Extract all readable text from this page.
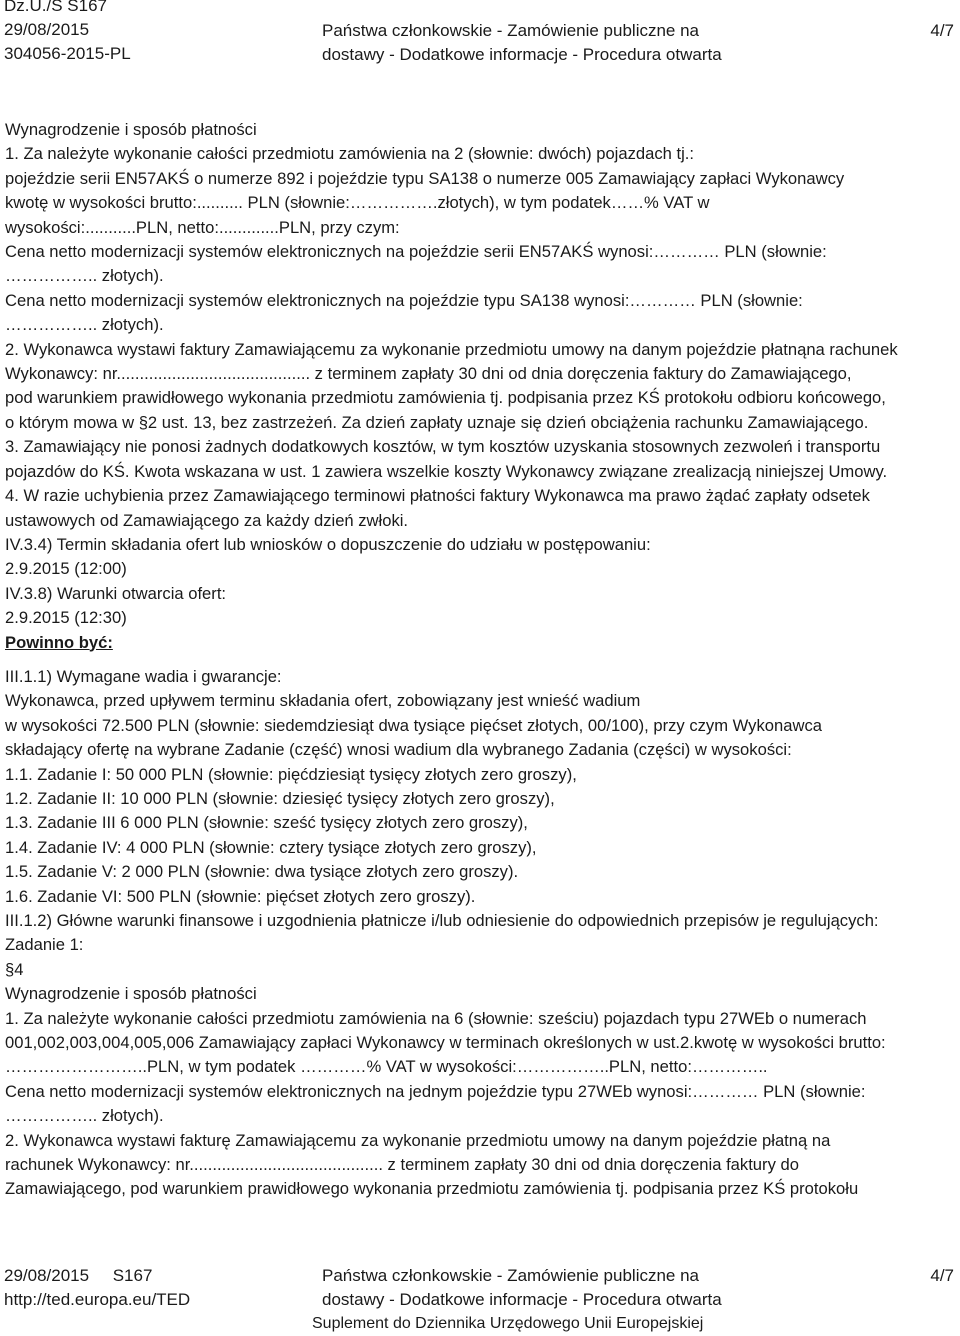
Dz.U./S S167
29/08/2015
304056-2015-PL
Państwa członkowskie - Zamówienie publiczne na
dostawy - Dodatkowe informacje - Procedura otwarta
4/7
Wynagrodzenie i sposób płatności
1. Za należyte wykonanie całości przedmiotu zamówienia na 2 (słownie: dwóch) pojazdach tj.:
pojeździe serii EN57AKŚ o numerze 892 i pojeździe typu SA138 o numerze 005 Zamawiający zapłaci Wykonawcy
kwotę w wysokości brutto:.......... PLN (słownie:…………….złotych), w tym podatek……% VAT w
wysokości:...........PLN, netto:.............PLN, przy czym:
Cena netto modernizacji systemów elektronicznych na pojeździe serii EN57AKŚ wynosi:………… PLN (słownie:
…………….. złotych).
Cena netto modernizacji systemów elektronicznych na pojeździe typu SA138 wynosi:………… PLN (słownie:
…………….. złotych).
2. Wykonawca wystawi faktury Zamawiającemu za wykonanie przedmiotu umowy na danym pojeździe płatnąna rachunek
Wykonawcy: nr.......................................... z terminem zapłaty 30 dni od dnia doręczenia faktury do Zamawiającego,
pod warunkiem prawidłowego wykonania przedmiotu zamówienia tj. podpisania przez KŚ protokołu odbioru końcowego,
o którym mowa w §2 ust. 13, bez zastrzeżeń. Za dzień zapłaty uznaje się dzień obciążenia rachunku Zamawiającego.
3. Zamawiający nie ponosi żadnych dodatkowych kosztów, w tym kosztów uzyskania stosownych zezwoleń i transportu
pojazdów do KŚ. Kwota wskazana w ust. 1 zawiera wszelkie koszty Wykonawcy związane zrealizacją niniejszej Umowy.
4. W razie uchybienia przez Zamawiającego terminowi płatności faktury Wykonawca ma prawo żądać zapłaty odsetek
ustawowych od Zamawiającego za każdy dzień zwłoki.
IV.3.4) Termin składania ofert lub wniosków o dopuszczenie do udziału w postępowaniu:
2.9.2015 (12:00)
IV.3.8) Warunki otwarcia ofert:
2.9.2015 (12:30)
Powinno być:
III.1.1) Wymagane wadia i gwarancje:
Wykonawca, przed upływem terminu składania ofert, zobowiązany jest wnieść wadium
w wysokości 72.500 PLN (słownie: siedemdziesiąt dwa tysiące pięćset złotych, 00/100), przy czym Wykonawca
składający ofertę na wybrane Zadanie (część) wnosi wadium dla wybranego Zadania (części) w wysokości:
1.1. Zadanie I: 50 000 PLN (słownie: pięćdziesiąt tysięcy złotych zero groszy),
1.2. Zadanie II: 10 000 PLN (słownie: dziesięć tysięcy złotych zero groszy),
1.3. Zadanie III 6 000 PLN (słownie: sześć tysięcy złotych zero groszy),
1.4. Zadanie IV: 4 000 PLN (słownie: cztery tysiące złotych zero groszy),
1.5. Zadanie V: 2 000 PLN (słownie: dwa tysiące złotych zero groszy).
1.6. Zadanie VI: 500 PLN (słownie: pięćset złotych zero groszy).
III.1.2) Główne warunki finansowe i uzgodnienia płatnicze i/lub odniesienie do odpowiednich przepisów je regulujących:
Zadanie 1:
§4
Wynagrodzenie i sposób płatności
1. Za należyte wykonanie całości przedmiotu zamówienia na 6 (słownie: sześciu) pojazdach typu 27WEb o numerach
001,002,003,004,005,006 Zamawiający zapłaci Wykonawcy w terminach określonych w ust.2.kwotę w wysokości brutto:
……………………..PLN, w tym podatek …………% VAT w wysokości:……………..PLN, netto:…………..
Cena netto modernizacji systemów elektronicznych na jednym pojeździe typu 27WEb wynosi:………… PLN (słownie:
…………….. złotych).
2. Wykonawca wystawi fakturę Zamawiającemu za wykonanie przedmiotu umowy na danym pojeździe płatną na
rachunek Wykonawcy: nr.......................................... z terminem zapłaty 30 dni od dnia doręczenia faktury do
Zamawiającego, pod warunkiem prawidłowego wykonania przedmiotu zamówienia tj. podpisania przez KŚ protokołu
29/08/2015     S167
http://ted.europa.eu/TED
Państwa członkowskie - Zamówienie publiczne na
dostawy - Dodatkowe informacje - Procedura otwarta
Suplement do Dziennika Urzędowego Unii Europejskiej
4/7
